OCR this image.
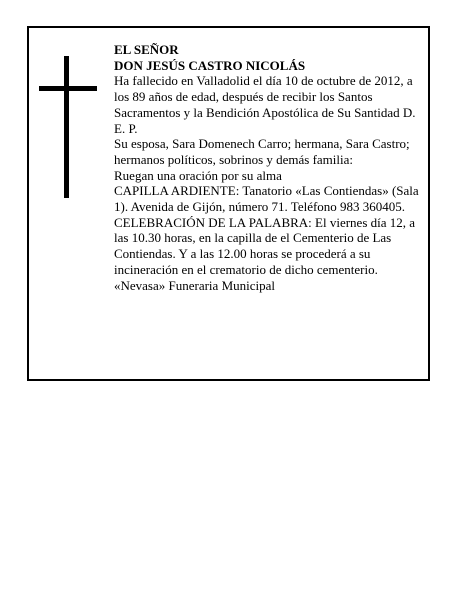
EL SEÑOR

DON JESÚS CASTRO NICOLÁS

Ha fallecido en Valladolid el día 10 de octubre de 2012, a los 89 años de edad, después de recibir los Santos Sacramentos y la Bendición Apostólica de Su Santidad D. E. P.

Su esposa, Sara Domenech Carro; hermana, Sara Castro; hermanos políticos, sobrinos y demás familia:

Ruegan una oración por su alma

CAPILLA ARDIENTE: Tanatorio «Las Contiendas» (Sala 1). Avenida de Gijón, número 71. Teléfono 983 360405.

CELEBRACIÓN DE LA PALABRA: El viernes día 12, a las 10.30 horas, en la capilla de el Cementerio de Las Contiendas. Y a las 12.00 horas se procederá a su incineración en el crematorio de dicho cementerio.

«Nevasa» Funeraria Municipal
